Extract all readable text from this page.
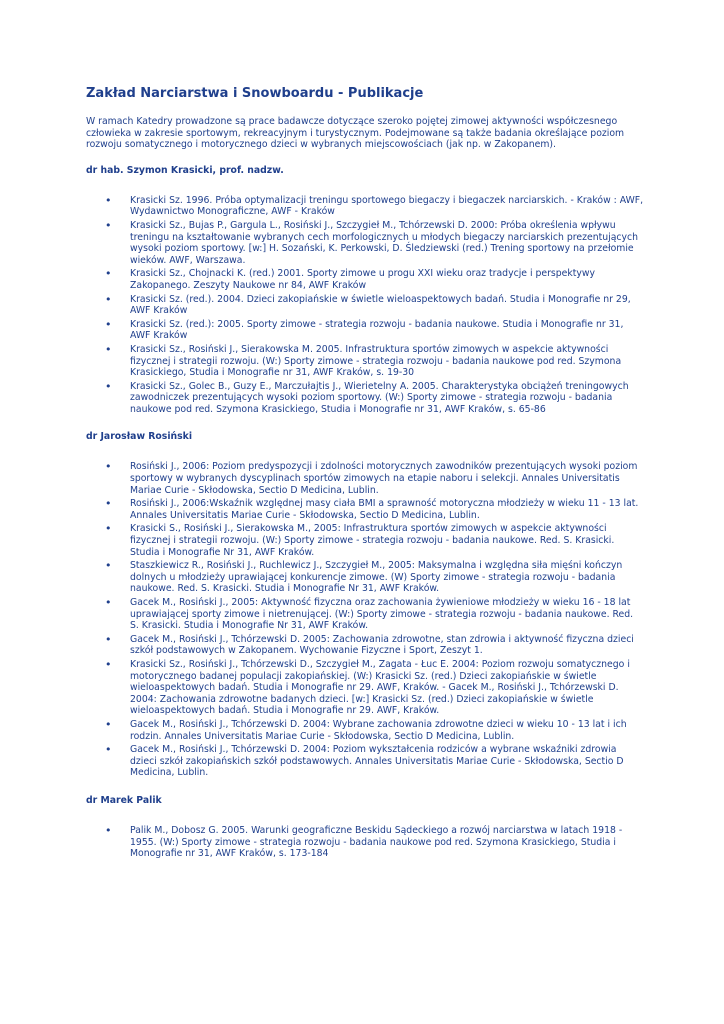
Zakład Narciarstwa i Snowboardu - Publikacje

W ramach Katedry prowadzone są prace badawcze dotyczące szeroko pojętej zimowej aktywności współczesnego człowieka w zakresie sportowym, rekreacyjnym i turystycznym. Podejmowane są także badania określające poziom rozwoju somatycznego i motorycznego dzieci w wybranych miejscowościach (jak np. w Zakopanem).

dr hab. Szymon Krasicki, prof. nadzw.
• Krasicki Sz. 1996. Próba optymalizacji treningu sportowego biegaczy i biegaczek narciarskich. - Kraków : AWF, Wydawnictwo Monograficzne, AWF - Kraków
• Krasicki Sz., Bujas P., Gargula L., Rosiński J., Szczygieł M., Tchórzewski D. 2000: Próba określenia wpływu treningu na kształtowanie wybranych cech morfologicznych u młodych biegaczy narciarskich prezentujących wysoki poziom sportowy. [w:] H. Sozański, K. Perkowski, D. Śledziewski (red.) Trening sportowy na przełomie wieków. AWF, Warszawa.
• Krasicki Sz., Chojnacki K. (red.) 2001. Sporty zimowe u progu XXI wieku oraz tradycje i perspektywy Zakopanego. Zeszyty Naukowe nr 84, AWF Kraków
• Krasicki Sz. (red.). 2004. Dzieci zakopiańskie w świetle wieloaspektowych badań. Studia i Monografie nr 29, AWF Kraków
• Krasicki Sz. (red.): 2005. Sporty zimowe - strategia rozwoju - badania naukowe. Studia i Monografie nr 31, AWF Kraków
• Krasicki Sz., Rosiński J., Sierakowska M. 2005. Infrastruktura sportów zimowych w aspekcie aktywności fizycznej i strategii rozwoju. (W:) Sporty zimowe - strategia rozwoju - badania naukowe pod red. Szymona Krasickiego, Studia i Monografie nr 31, AWF Kraków, s. 19-30
• Krasicki Sz., Golec B., Guzy E., Marczułajtis J., Wierietelny A. 2005. Charakterystyka obciążeń treningowych zawodniczek prezentujących wysoki poziom sportowy. (W:) Sporty zimowe - strategia rozwoju - badania naukowe pod red. Szymona Krasickiego, Studia i Monografie nr 31, AWF Kraków, s. 65-86
dr Jarosław Rosiński
• Rosiński J., 2006: Poziom predyspozycji i zdolności motorycznych zawodników prezentujących wysoki poziom sportowy w wybranych dyscyplinach sportów zimowych na etapie naboru i selekcji. Annales Universitatis Mariae Curie - Skłodowska, Sectio D Medicina, Lublin.
• Rosiński J., 2006:Wskaźnik względnej masy ciała BMI a sprawność motoryczna młodzieży w wieku 11 - 13 lat. Annales Universitatis Mariae Curie - Skłodowska, Sectio D Medicina, Lublin.
• Krasicki S., Rosiński J., Sierakowska M., 2005: Infrastruktura sportów zimowych w aspekcie aktywności fizycznej i strategii rozwoju. (W:) Sporty zimowe - strategia rozwoju - badania naukowe. Red. S. Krasicki. Studia i Monografie Nr 31, AWF Kraków.
• Staszkiewicz R., Rosiński J., Ruchlewicz J., Szczygieł M., 2005: Maksymalna i względna siła mięśni kończyn dolnych u młodzieży uprawiającej konkurencje zimowe. (W) Sporty zimowe - strategia rozwoju - badania naukowe. Red. S. Krasicki. Studia i Monografie Nr 31, AWF Kraków.
• Gacek M., Rosiński J., 2005: Aktywność fizyczna oraz zachowania żywieniowe młodzieży w wieku 16 - 18 lat uprawiającej sporty zimowe i nietrenującej. (W:) Sporty zimowe - strategia rozwoju - badania naukowe. Red. S. Krasicki. Studia i Monografie Nr 31, AWF Kraków.
• Gacek M., Rosiński J., Tchórzewski D. 2005: Zachowania zdrowotne, stan zdrowia i aktywność fizyczna dzieci szkół podstawowych w Zakopanem. Wychowanie Fizyczne i Sport, Zeszyt 1.
• Krasicki Sz., Rosiński J., Tchórzewski D., Szczygieł M., Zagata - Łuc E. 2004: Poziom rozwoju somatycznego i motorycznego badanej populacji zakopiańskiej. (W:) Krasicki Sz. (red.) Dzieci zakopiańskie w świetle wieloaspektowych badań. Studia i Monografie nr 29. AWF, Kraków. - Gacek M., Rosiński J., Tchórzewski D. 2004: Zachowania zdrowotne badanych dzieci. [w:] Krasicki Sz. (red.) Dzieci zakopiańskie w świetle wieloaspektowych badań. Studia i Monografie nr 29. AWF, Kraków.
• Gacek M., Rosiński J., Tchórzewski D. 2004: Wybrane zachowania zdrowotne dzieci w wieku 10 - 13 lat i ich rodzin. Annales Universitatis Mariae Curie - Skłodowska, Sectio D Medicina, Lublin.
• Gacek M., Rosiński J., Tchórzewski D. 2004: Poziom wykształcenia rodziców a wybrane wskaźniki zdrowia dzieci szkół zakopiańskich szkół podstawowych. Annales Universitatis Mariae Curie - Skłodowska, Sectio D Medicina, Lublin.
dr Marek Palik
• Palik M., Dobosz G. 2005. Warunki geograficzne Beskidu Sądeckiego a rozwój narciarstwa w latach 1918 - 1955. (W:) Sporty zimowe - strategia rozwoju - badania naukowe pod red. Szymona Krasickiego, Studia i Monografie nr 31, AWF Kraków, s. 173-184
